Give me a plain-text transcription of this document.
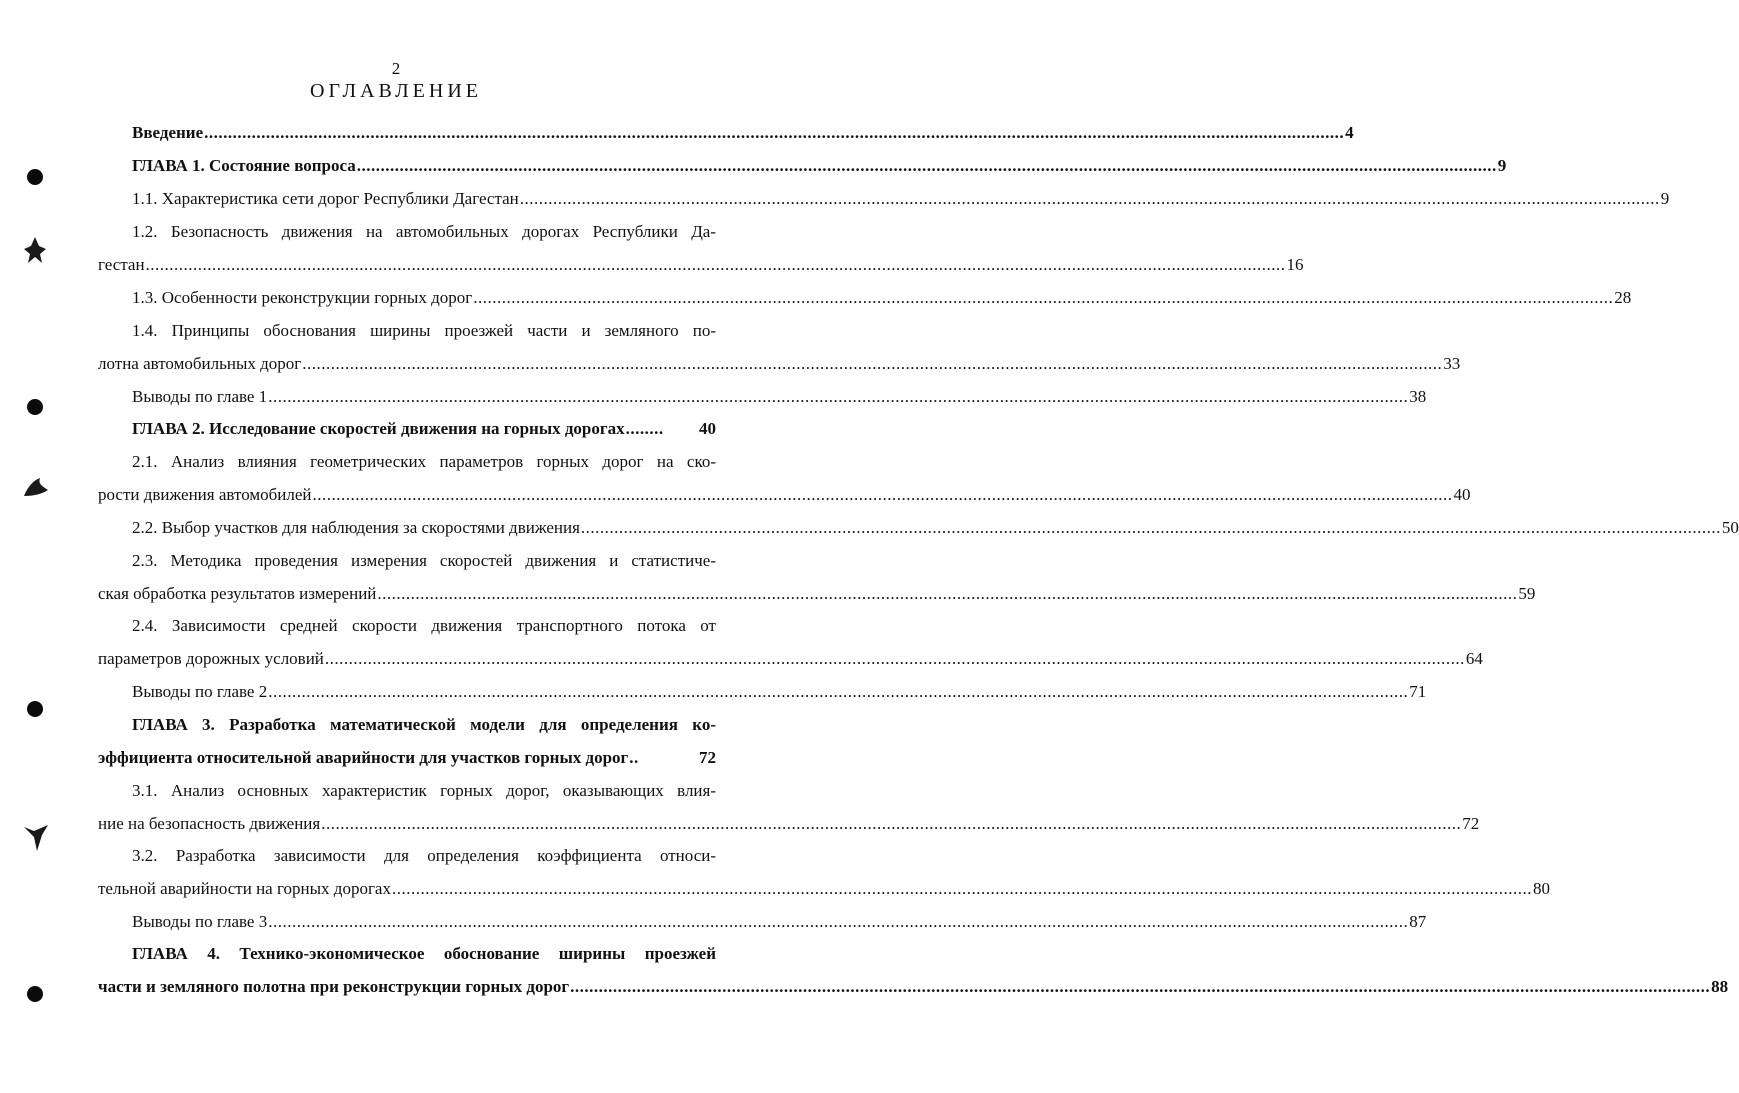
2
ОГЛАВЛЕНИЕ
Введение ................................................................................................................................................................................................................................................ 4
ГЛАВА 1. Состояние вопроса ................................................................................................................................................................................................................................................ 9
1.1. Характеристика сети дорог Республики Дагестан ................................................................................................................................................................................................................................................ 9
1.2. Безопасность движения на автомобильных дорогах Республики Да-
гестан ................................................................................................................................................................................................................................................ 16
1.3. Особенности реконструкции горных дорог ................................................................................................................................................................................................................................................ 28
1.4. Принципы обоснования ширины проезжей части и земляного по-
лотна автомобильных дорог ................................................................................................................................................................................................................................................ 33
Выводы по главе 1 ................................................................................................................................................................................................................................................ 38
ГЛАВА 2. Исследование скоростей движения на горных дорогах ........	40
2.1. Анализ влияния геометрических параметров горных дорог на ско-
рости движения автомобилей ................................................................................................................................................................................................................................................ 40
2.2. Выбор участков для наблюдения за скоростями движения ................................................................................................................................................................................................................................................ 50
2.3. Методика проведения измерения скоростей движения и статистиче-
ская обработка результатов измерений ................................................................................................................................................................................................................................................ 59
2.4. Зависимости средней скорости движения транспортного потока от
параметров дорожных условий ................................................................................................................................................................................................................................................ 64
Выводы по главе 2 ................................................................................................................................................................................................................................................ 71
ГЛАВА 3. Разработка математической модели для определения ко-
эффициента относительной аварийности для участков горных дорог ..	72
3.1. Анализ основных характеристик горных дорог, оказывающих влия-
ние на безопасность движения ................................................................................................................................................................................................................................................ 72
3.2. Разработка зависимости для определения коэффициента относи-
тельной аварийности на горных дорогах ................................................................................................................................................................................................................................................ 80
Выводы по главе 3 ................................................................................................................................................................................................................................................ 87
ГЛАВА 4. Технико-экономическое обоснование ширины проезжей
части и земляного полотна при реконструкции горных дорог ................................................................................................................................................................................................................................................ 88
